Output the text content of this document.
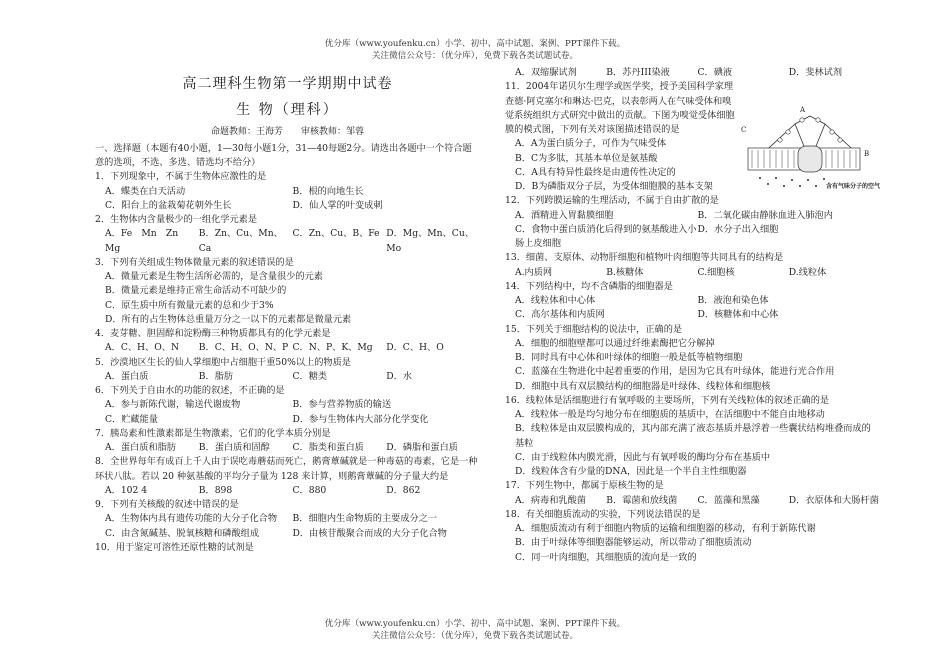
优分库（www.youfenku.cn）小学、初中、高中试题、案例、PPT课件下载。
关注微信公众号：（优分库），免费下载各类试题试卷。
高二理科生物第一学期期中试卷
生 物（理科）
命题教师：王海芳　　审核教师：邹蓉
一、选择题（本题有40小题，1—30每小题1分，31—40每题2分。请选出各题中一个符合题意的选项，不选、多选、错选均不给分）
1．下列现象中，不属于生物体应激性的是
A．蝶类在白天活动	B．根的向地生长
C．阳台上的盆栽菊花朝外生长	D．仙人掌的叶变成刺
2．生物体内含量极少的一组化学元素是
A．Fe　Mn　Zn　Mg
B．Zn、Cu、Mn、Ca
C．Zn、Cu、B、Fe D．Mg、Mn、Cu、Mo
3．下列有关组成生物体微量元素的叙述错误的是
A．微量元素是生物生活所必需的，是含量很少的元素
B．微量元素是维持正常生命活动不可缺少的
C．原生质中所有微量元素的总和少于3%
D．所有的占生物体总重量万分之一以下的元素都是微量元素
4．麦芽糖、胆固醇和淀粉酶三种物质都具有的化学元素是
A．C、H、O、N	B．C、H、O、N、P C．N、P、K、Mg	D．C、H、O
5．沙漠地区生长的仙人掌细胞中占细胞干重50%以上的物质是
A．蛋白质	B．脂肪	C．糖类	D．水
6．下列关于自由水的功能的叙述，不正确的是
A．参与新陈代谢，输送代谢废物	B．参与营养物质的输送
C．贮藏能量	D．参与生物体内大部分化学变化
7．胰岛素和性激素都是生物激素，它们的化学本质分别是
A．蛋白质和脂肪	B．蛋白质和固醇	C．脂类和蛋白质	D．磷脂和蛋白质
8．全世界每年有成百上千人由于误吃毒蘑菇而死亡，鹅膏蕈碱就是一种毒菇的毒素，它是一种环状八肽。若以 20 种氨基酸的平均分子量为 128 来计算，则鹅膏蕈碱的分子量大约是
A．102 4	B．898	C．880	D．862
9．下列有关核酸的叙述中错误的是
A．生物体内具有遗传功能的大分子化合物	B．细胞内生命物质的主要成分之一
C．由含氮碱基、脱氧核糖和磷酸组成	D．由核苷酸聚合而成的大分子化合物
10．用于鉴定可溶性还原性糖的试剂是
A．双缩脲试剂	B．苏丹III染液	C．碘液	D．斐林试剂
11．2004年诺贝尔生理学或医学奖，授予美国科学家理查德·阿克塞尔和琳达·巴克，以表彰两人在气味受体和嗅觉系统组织方式研究中做出的贡献。下图为嗅觉受体细胞膜的模式图，下列有关对该图描述错误的是
A．A为蛋白质分子，可作为气味受体
B．C为多肽，其基本单位是氨基酸
C．A具有特异性最终是由遗传性决定的
D．B为磷脂双分子层，为受体细胞膜的基本支架
C
A
B
含有气味分子的空气
12．下列跨膜运输的生理活动，不属于自由扩散的是
A．酒精进入胃黏膜细胞	B．二氧化碳由静脉血进入肺泡内
C．食物中蛋白质消化后得到的氨基酸进入小肠上皮细胞
D．水分子出入细胞
13．细菌、支原体、动物肝细胞和植物叶肉细胞等共同具有的结构是
A.内质网	B.核糖体	C.细胞核	D.线粒体
14．下列结构中，均不含磷脂的细胞器是
A．线粒体和中心体	B．液泡和染色体
C．高尔基体和内质网	D．核糖体和中心体
15．下列关于细胞结构的说法中，正确的是
A．细胞的细胞壁都可以通过纤维素酶把它分解掉
B．同时具有中心体和叶绿体的细胞一般是低等植物细胞
C．蓝藻在生物进化中起着重要的作用，是因为它具有叶绿体，能进行光合作用
D．细胞中具有双层膜结构的细胞器是叶绿体、线粒体和细胞核
16．线粒体是活细胞进行有氧呼吸的主要场所，下列有关线粒体的叙述正确的是
A．线粒体一般是均匀地分布在细胞质的基质中，在活细胞中不能自由地移动
B．线粒体是由双层膜构成的，其内部充满了液态基质并悬浮着一些囊状结构堆叠而成的基粒
C．由于线粒体内膜光滑，因此与有氧呼吸的酶均分布在基质中
D．线粒体含有少量的DNA，因此是一个半自主性细胞器
17．下列生物中，都属于原核生物的是
A．病毒和乳酸菌	B．霉菌和放线菌	C．蓝藻和黑藻	D．衣原体和大肠杆菌
18．有关细胞质流动的实验，下列说法错误的是
A．细胞质流动有利于细胞内物质的运输和细胞器的移动，有利于新陈代谢
B．由于叶绿体等细胞器能够运动，所以带动了细胞质流动
C．同一叶肉细胞，其细胞质的流向是一致的
优分库（www.youfenku.cn）小学、初中、高中试题、案例、PPT课件下载。
关注微信公众号：（优分库），免费下载各类试题试卷。
